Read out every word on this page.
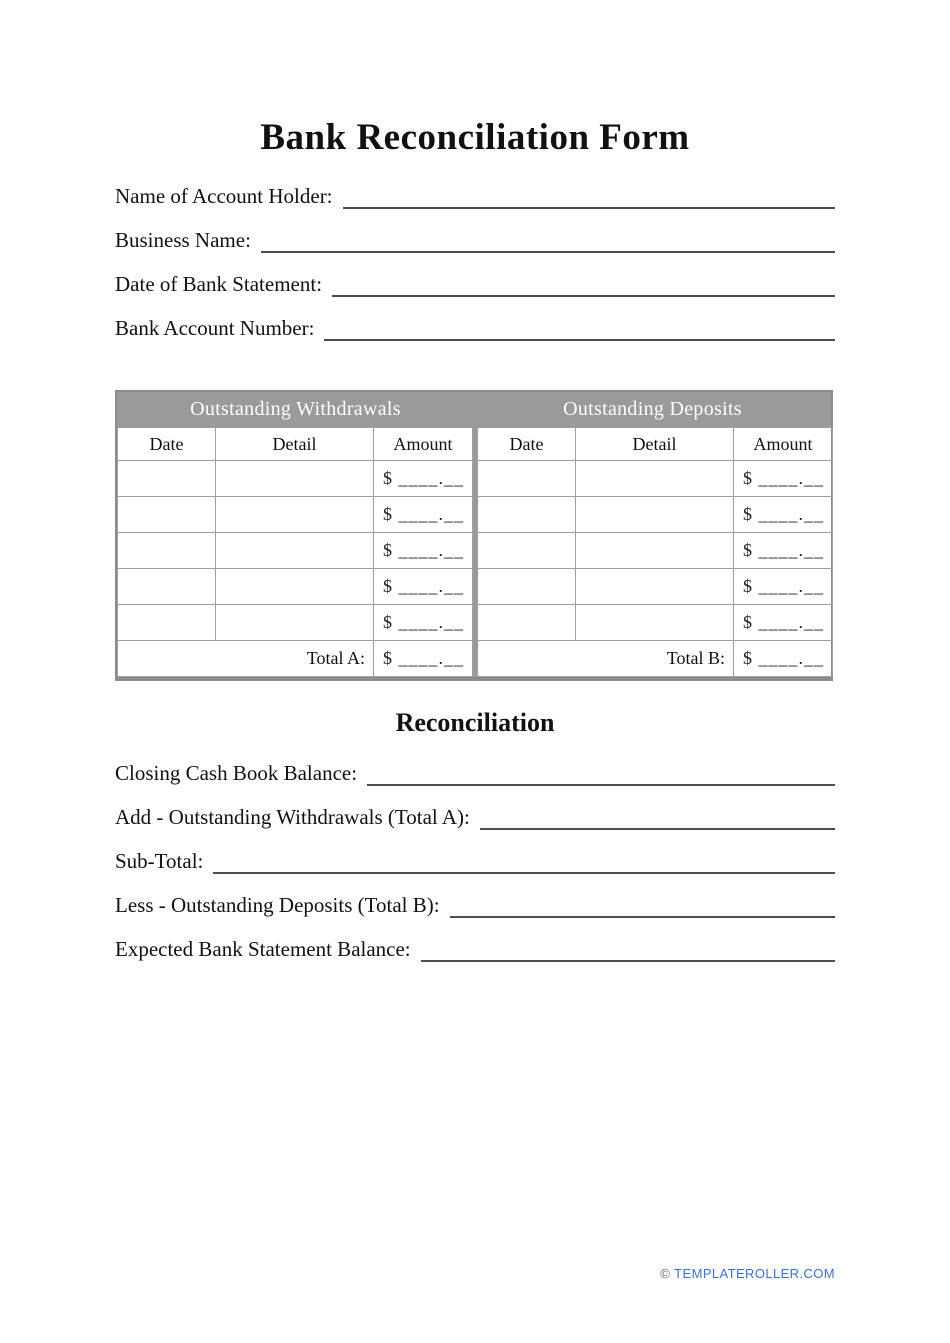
Bank Reconciliation Form
Name of Account Holder:
Business Name:
Date of Bank Statement:
Bank Account Number:
Outstanding Withdrawals	Outstanding Deposits
Date	Detail	Amount
		$ ____.__
		$ ____.__
		$ ____.__
		$ ____.__
		$ ____.__
Total A:		$ ____.__
Date	Detail	Amount
		$ ____.__
		$ ____.__
		$ ____.__
		$ ____.__
		$ ____.__
Total B:		$ ____.__
Reconciliation
Closing Cash Book Balance:
Add - Outstanding Withdrawals (Total A):
Sub-Total:
Less - Outstanding Deposits (Total B):
Expected Bank Statement Balance:
© TEMPLATEROLLER.COM
